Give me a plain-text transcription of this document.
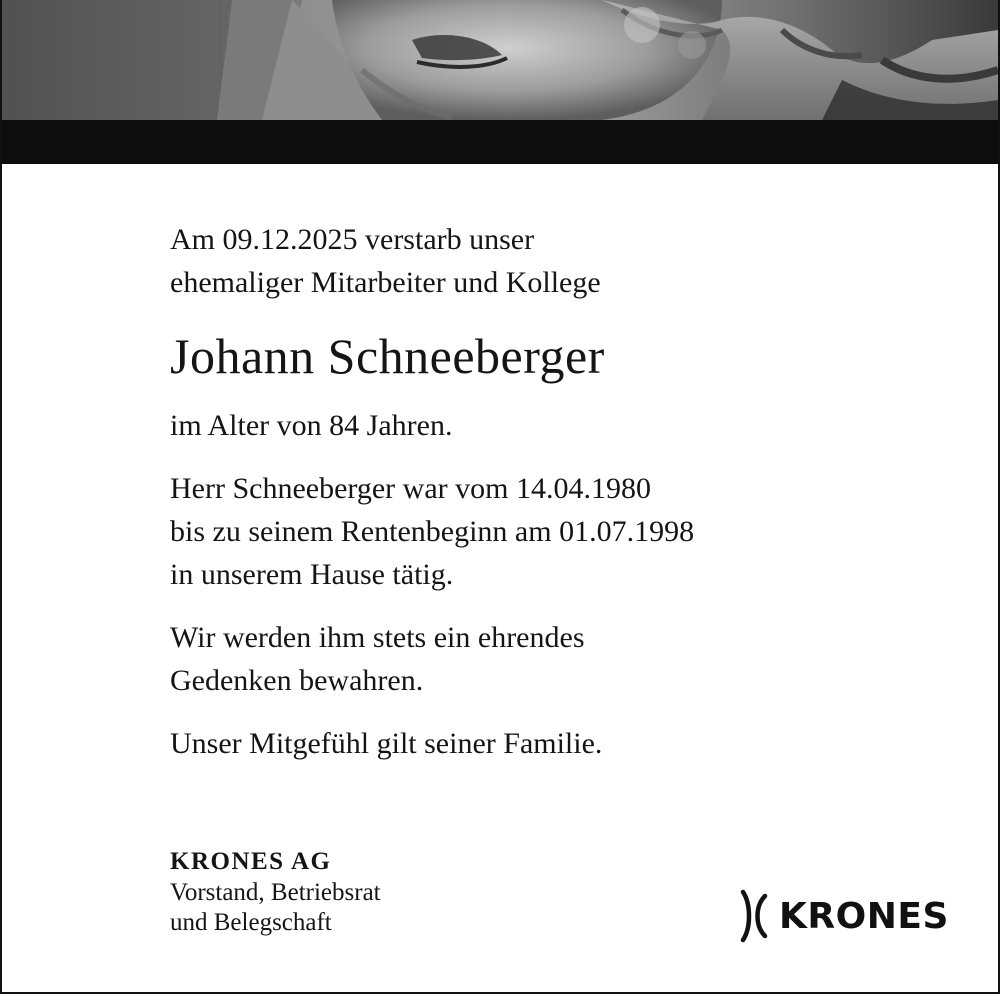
Am 09.12.2025 verstarb unser
ehemaliger Mitarbeiter und Kollege

Johann Schneeberger

im Alter von 84 Jahren.

Herr Schneeberger war vom 14.04.1980
bis zu seinem Rentenbeginn am 01.07.1998
in unserem Hause tätig.

Wir werden ihm stets ein ehrendes
Gedenken bewahren.

Unser Mitgefühl gilt seiner Familie.

KRONES AG
Vorstand, Betriebsrat
und Belegschaft	KRONES
